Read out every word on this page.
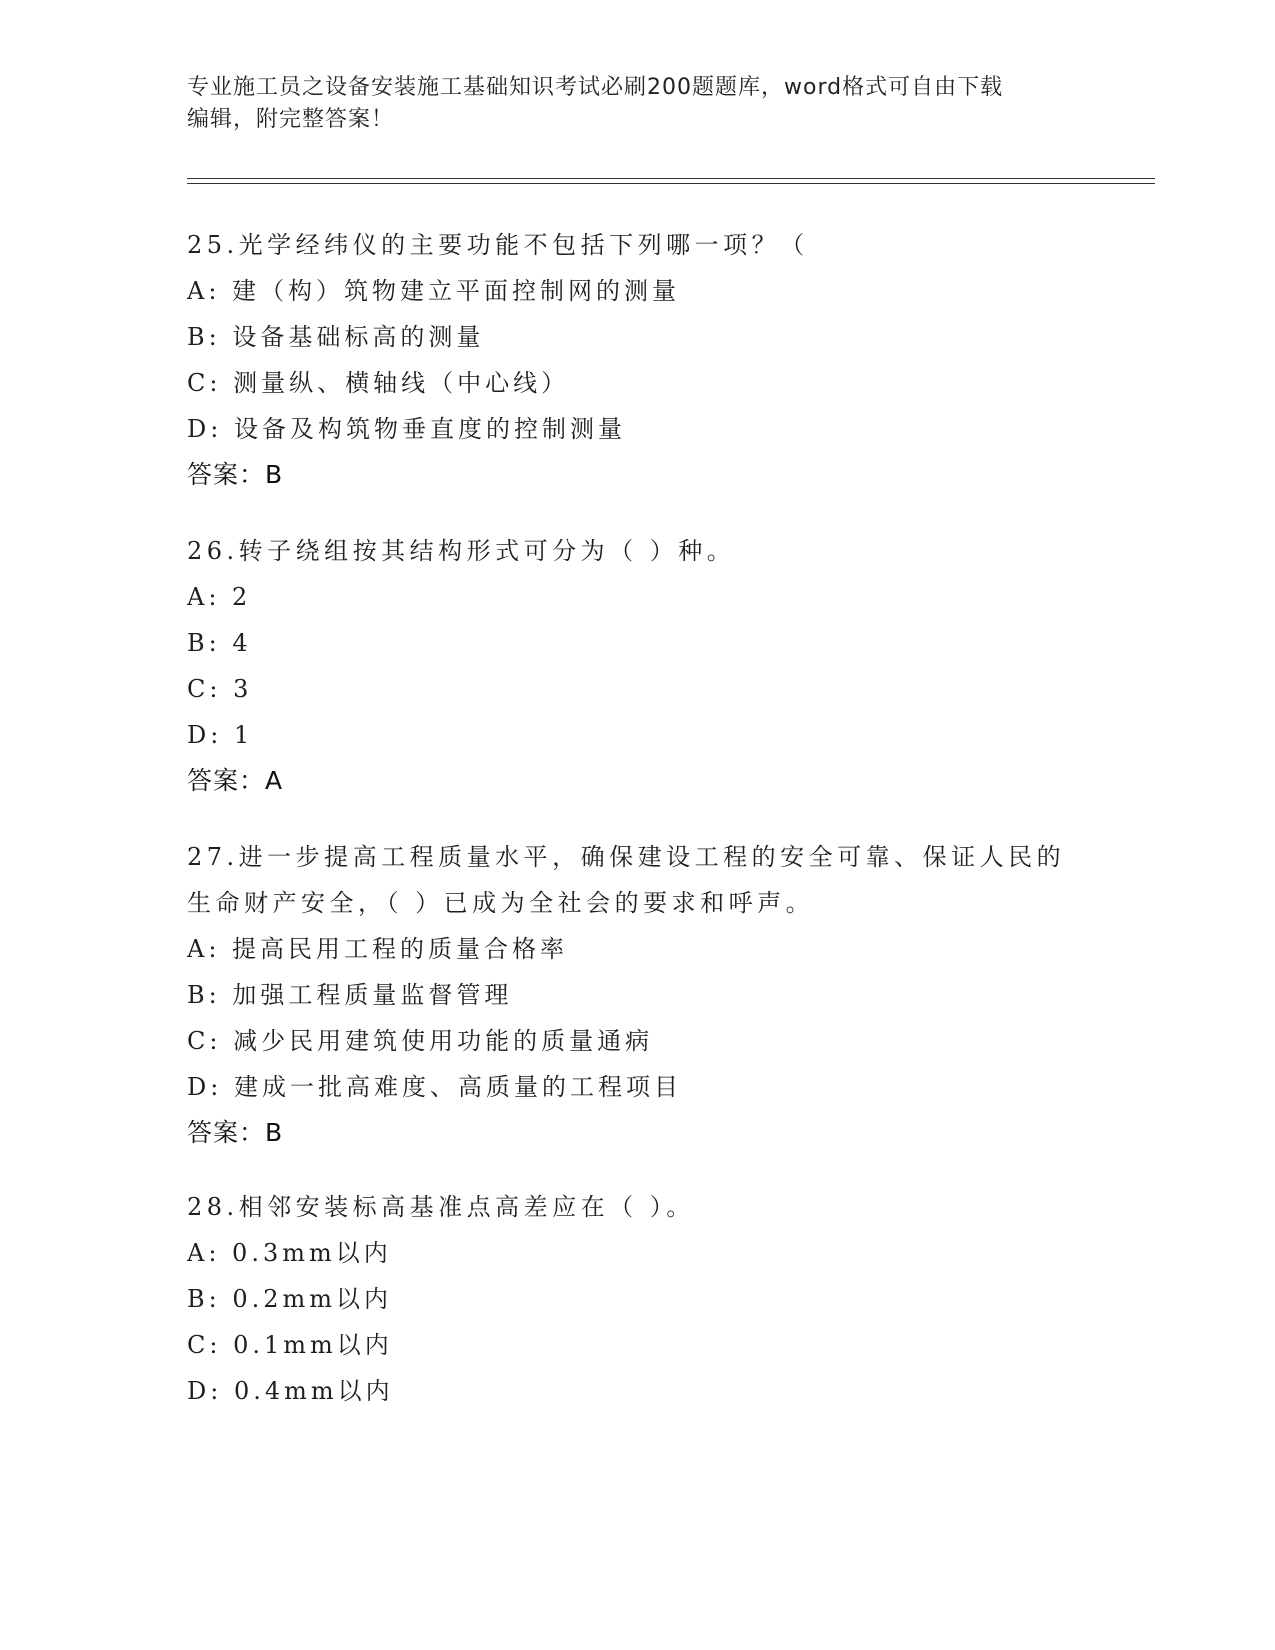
专业施工员之设备安装施工基础知识考试必刷200题题库，word格式可自由下载
编辑，附完整答案！
25.光学经纬仪的主要功能不包括下列哪一项？（
A: 建（构）筑物建立平面控制网的测量
B: 设备基础标高的测量
C: 测量纵、横轴线（中心线）
D: 设备及构筑物垂直度的控制测量
答案：B
26.转子绕组按其结构形式可分为（ ）种。
A: 2
B: 4
C: 3
D: 1
答案：A
27.进一步提高工程质量水平，确保建设工程的安全可靠、保证人民的
生命财产安全，（ ）已成为全社会的要求和呼声。
A: 提高民用工程的质量合格率
B: 加强工程质量监督管理
C: 减少民用建筑使用功能的质量通病
D: 建成一批高难度、高质量的工程项目
答案：B
28.相邻安装标高基准点高差应在（ ）。
A: 0.3mm以内
B: 0.2mm以内
C: 0.1mm以内
D: 0.4mm以内
